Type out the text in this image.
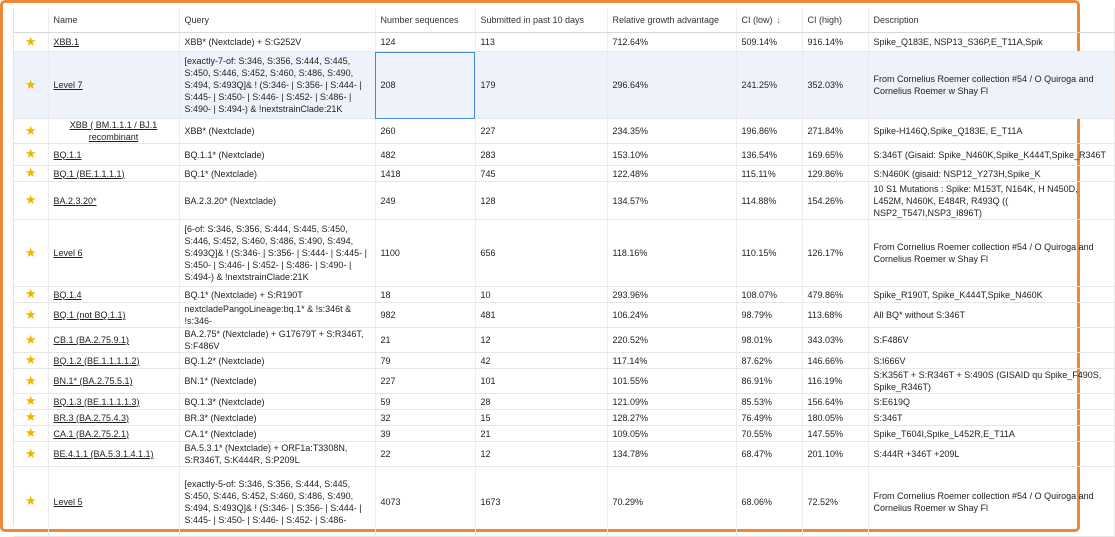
	Name	Query	Number sequences	Submitted in past 10 days	Relative growth advantage	CI (low) ↓	CI (high)	Description
★	XBB.1	XBB* (Nextclade) + S:G252V	124	113	712.64%	509.14%	916.14%	Spike_Q183E, NSP13_S36P,E_T11A,Spik
★	Level 7	[exactly-7-of: S:346, S:356, S:444, S:445, S:450, S:446, S:452, S:460, S:486, S:490, S:494, S:493Q]& ! (S:346- | S:356- | S:444- | S:445- | S:450- | S:446- | S:452- | S:486- | S:490- | S:494-) & !nextstrainClade:21K	208	179	296.64%	241.25%	352.03%	From Cornelius Roemer collection #54 / O Quiroga and Cornelius Roemer w Shay Fl
★	XBB ( BM.1.1.1 / BJ.1 recombinant	XBB* (Nextclade)	260	227	234.35%	196.86%	271.84%	Spike-H146Q,Spike_Q183E, E_T11A
★	BQ.1.1	BQ.1.1* (Nextclade)	482	283	153.10%	136.54%	169.65%	S:346T (Gisaid: Spike_N460K,Spike_K444T,Spike_R346T
★	BQ.1 (BE.1.1.1.1)	BQ.1* (Nextclade)	1418	745	122.48%	115.11%	129.86%	S:N460K (gisaid: NSP12_Y273H,Spike_K
★	BA.2.3.20*	BA.2.3.20* (Nextclade)	249	128	134.57%	114.88%	154.26%	10 S1 Mutations : Spike: M153T, N164K, H N450D, L452M, N460K, E484R, R493Q (( NSP2_T547I,NSP3_I896T)
★	Level 6	[6-of: S:346, S:356, S:444, S:445, S:450, S:446, S:452, S:460, S:486, S:490, S:494, S:493Q]& ! (S:346- | S:356- | S:444- | S:445- | S:450- | S:446- | S:452- | S:486- | S:490- | S:494-) & !nextstrainClade:21K	1100	656	118.16%	110.15%	126.17%	From Cornelius Roemer collection #54 / O Quiroga and Cornelius Roemer w Shay Fl
★	BQ.1.4	BQ.1* (Nextclade) + S:R190T	18	10	293.96%	108.07%	479.86%	Spike_R190T, Spike_K444T,Spike_N460K
★	BQ.1 (not BQ.1.1)	nextcladePangoLineage:bq.1* & !s:346t & !s:346-	982	481	106.24%	98.79%	113.68%	All BQ* without S:346T
★	CB.1 (BA.2.75.9.1)	BA.2.75* (Nextclade) + G17679T + S:R346T, S:F486V	21	12	220.52%	98.01%	343.03%	S:F486V
★	BQ.1.2 (BE.1.1.1.1.2)	BQ.1.2* (Nextclade)	79	42	117.14%	87.62%	146.66%	S:I666V
★	BN.1* (BA.2.75.5.1)	BN.1* (Nextclade)	227	101	101.55%	86.91%	116.19%	S:K356T + S:R346T + S:490S (GISAID qu Spike_F490S, Spike_R346T)
★	BQ.1.3 (BE.1.1.1.1.3)	BQ.1.3* (Nextclade)	59	28	121.09%	85.53%	156.64%	S:E619Q
★	BR.3 (BA.2.75.4.3)	BR.3* (Nextclade)	32	15	128.27%	76.49%	180.05%	S:346T
★	CA.1 (BA.2.75.2.1)	CA.1* (Nextclade)	39	21	109.05%	70.55%	147.55%	Spike_T604I,Spike_L452R,E_T11A
★	BE.4.1.1 (BA.5.3.1.4.1.1)	BA.5.3.1* (Nextclade) + ORF1a:T3308N, S:R346T, S:K444R, S:P209L	22	12	134.78%	68.47%	201.10%	S:444R +346T +209L
★	Level 5	[exactly-5-of: S:346, S:356, S:444, S:445, S:450, S:446, S:452, S:460, S:486, S:490, S:494, S:493Q]& ! (S:346- | S:356- | S:444- | S:445- | S:450- | S:446- | S:452- | S:486-	4073	1673	70.29%	68.06%	72.52%	From Cornelius Roemer collection #54 / O Quiroga and Cornelius Roemer w Shay Fl
